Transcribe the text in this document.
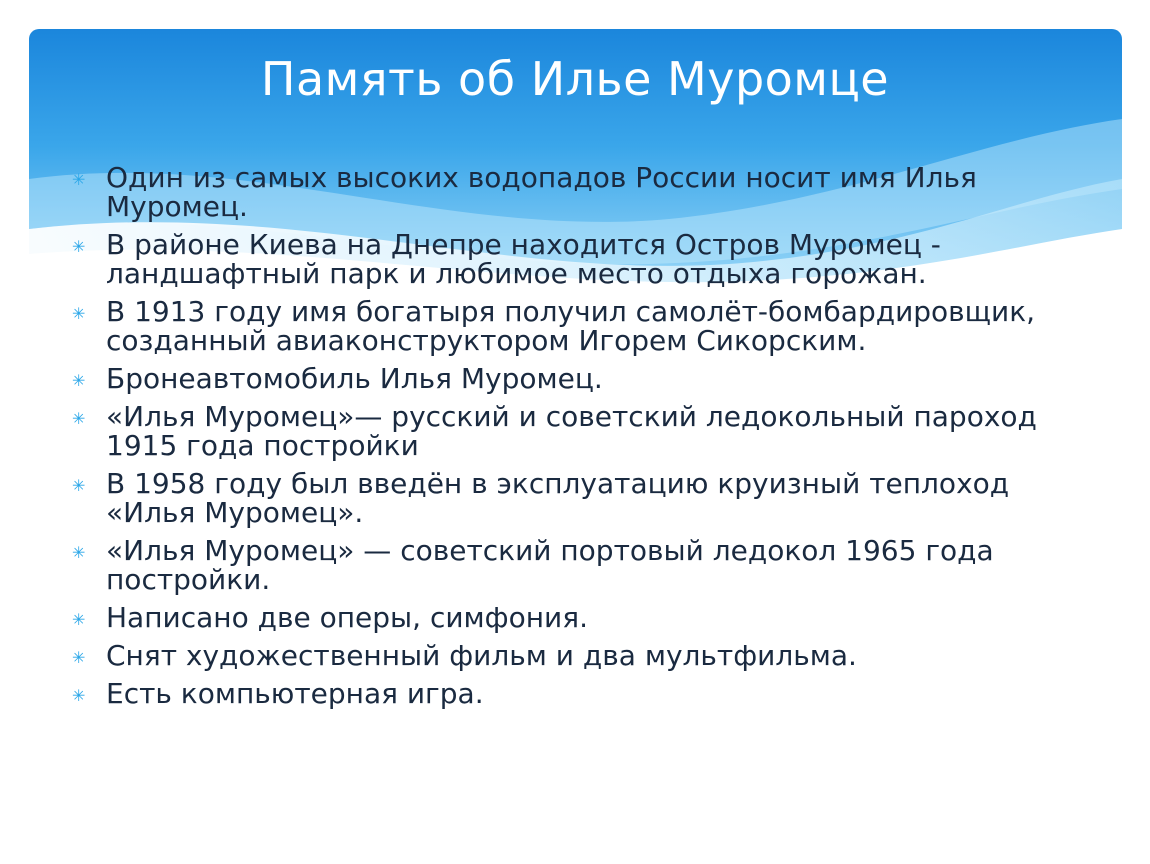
Память об Илье Муромце
✳ Один из самых высоких водопадов России носит имя Илья Муромец.
✳ В районе Киева на Днепре находится Остров Муромец - ландшафтный парк и любимое место отдыха горожан.
✳ В 1913 году имя богатыря получил самолёт-бомбардировщик, созданный авиаконструктором Игорем Сикорским.
✳ Бронеавтомобиль Илья Муромец.
✳ «Илья Муромец»— русский и советский ледокольный пароход 1915 года постройки
✳ В 1958 году был введён в эксплуатацию круизный теплоход «Илья Муромец».
✳ «Илья Муромец» — советский портовый ледокол 1965 года постройки.
✳ Написано две оперы, симфония.
✳ Снят художественный фильм и два мультфильма.
✳ Есть компьютерная игра.
